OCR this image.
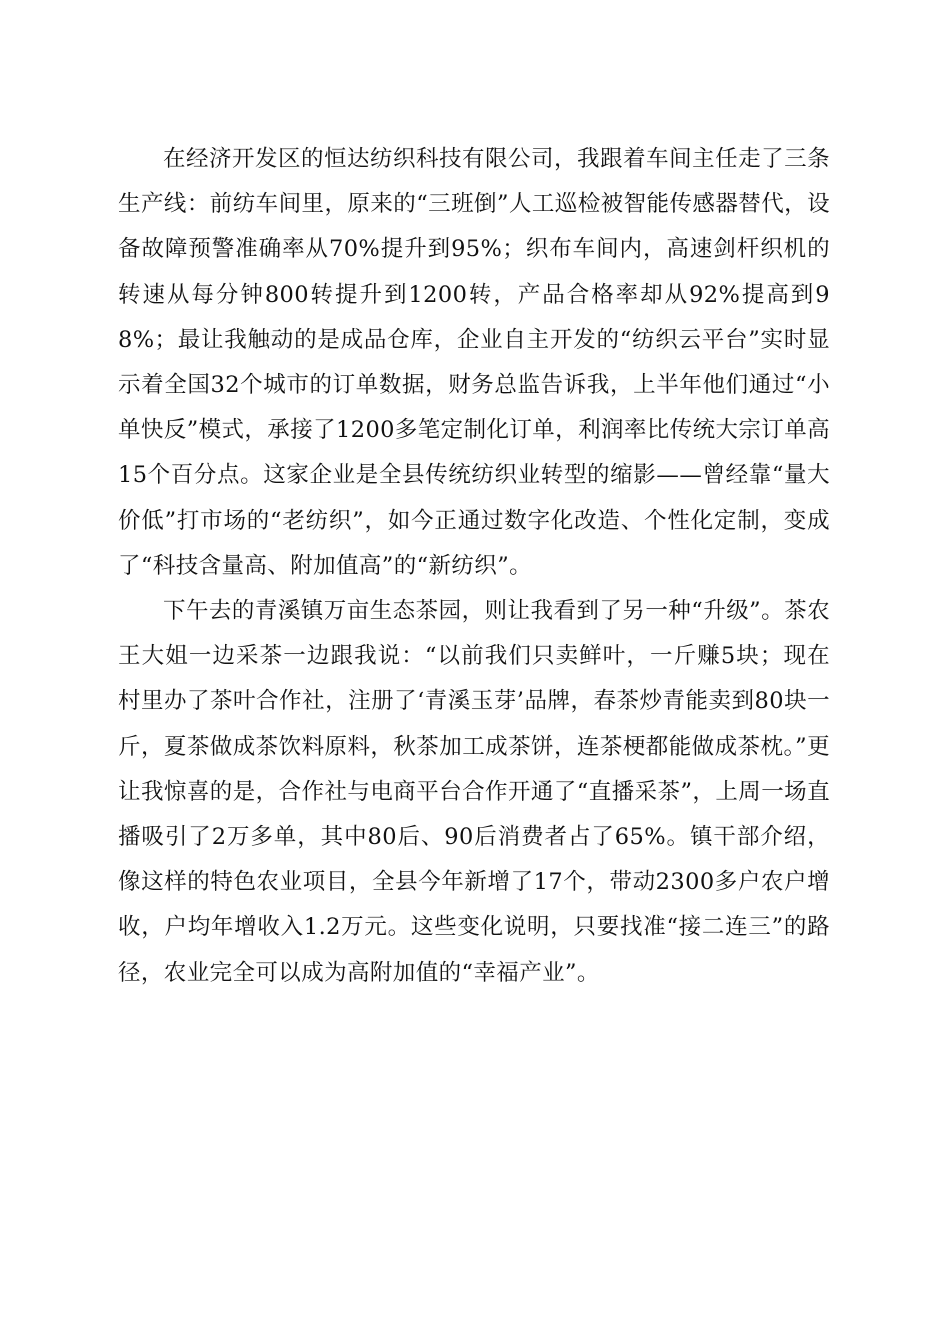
在经济开发区的恒达纺织科技有限公司，我跟着车间主任走了三条生产线：前纺车间里，原来的“三班倒”人工巡检被智能传感器替代，设备故障预警准确率从70%提升到95%；织布车间内，高速剑杆织机的转速从每分钟800转提升到1200转，产品合格率却从92%提高到98%；最让我触动的是成品仓库，企业自主开发的“纺织云平台”实时显示着全国32个城市的订单数据，财务总监告诉我，上半年他们通过“小单快反”模式，承接了1200多笔定制化订单，利润率比传统大宗订单高15个百分点。这家企业是全县传统纺织业转型的缩影——曾经靠“量大价低”打市场的“老纺织”，如今正通过数字化改造、个性化定制，变成了“科技含量高、附加值高”的“新纺织”。

下午去的青溪镇万亩生态茶园，则让我看到了另一种“升级”。茶农王大姐一边采茶一边跟我说：“以前我们只卖鲜叶，一斤赚5块；现在村里办了茶叶合作社，注册了‘青溪玉芽’品牌，春茶炒青能卖到80块一斤，夏茶做成茶饮料原料，秋茶加工成茶饼，连茶梗都能做成茶枕。”更让我惊喜的是，合作社与电商平台合作开通了“直播采茶”，上周一场直播吸引了2万多单，其中80后、90后消费者占了65%。镇干部介绍，像这样的特色农业项目，全县今年新增了17个，带动2300多户农户增收，户均年增收入1.2万元。这些变化说明，只要找准“接二连三”的路径，农业完全可以成为高附加值的“幸福产业”。
